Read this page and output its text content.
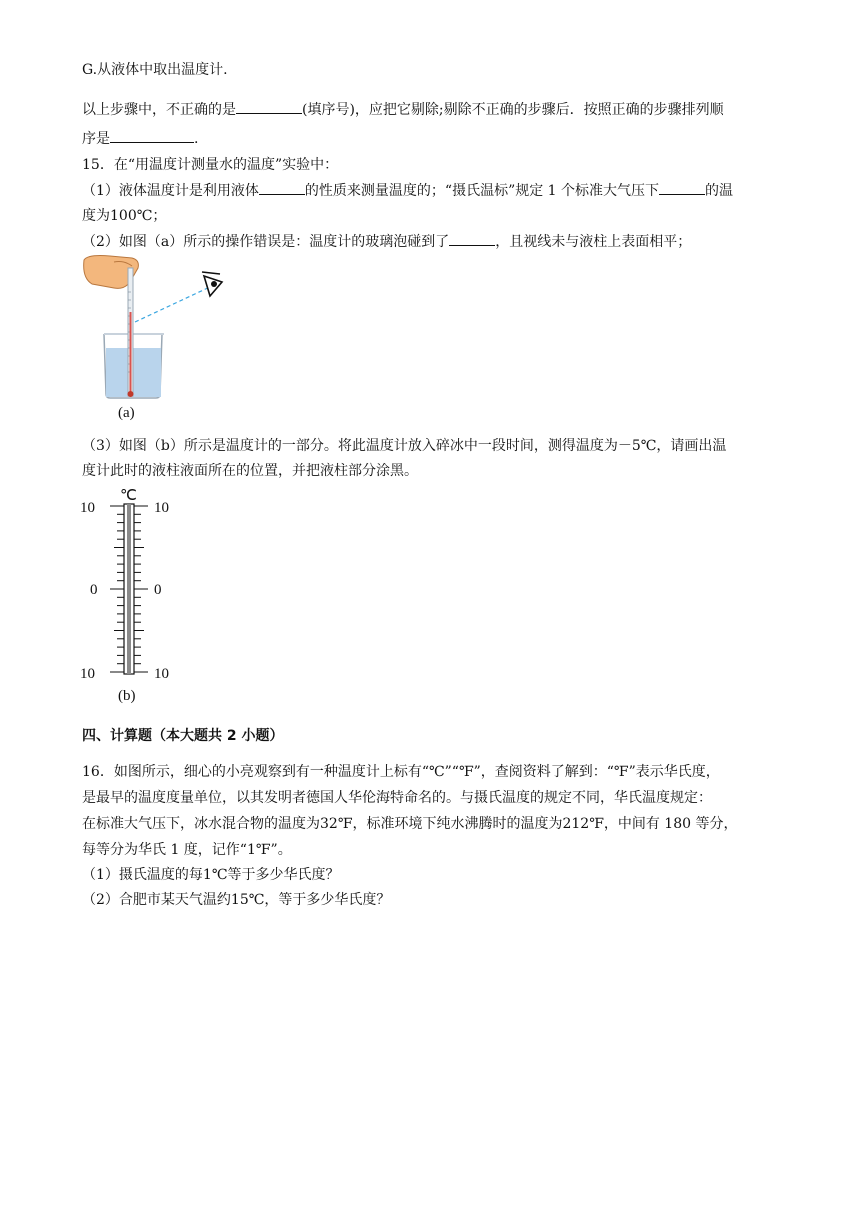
G.从液体中取出温度计.
以上步骤中，不正确的是	(填序号)，应把它剔除;剔除不正确的步骤后．按照正确的步骤排列顺
序是	.
15．在“用温度计测量水的温度”实验中：
（1）液体温度计是利用液体	的性质来测量温度的；“摄氏温标”规定 1 个标准大气压下	的温
度为100℃；
（2）如图（a）所示的操作错误是：温度计的玻璃泡碰到了	，且视线未与液柱上表面相平；
(a)
（3）如图（b）所示是温度计的一部分。将此温度计放入碎冰中一段时间，测得温度为－5℃，请画出温
度计此时的液柱液面所在的位置，并把液柱部分涂黑。
℃
10	10
0	0
10	10
(b)
四、计算题（本大题共 2 小题）
16．如图所示，细心的小亮观察到有一种温度计上标有“℃”“℉”，查阅资料了解到：“℉”表示华氏度，
是最早的温度度量单位，以其发明者德国人华伦海特命名的。与摄氏温度的规定不同，华氏温度规定：
在标准大气压下，冰水混合物的温度为32℉，标准环境下纯水沸腾时的温度为212℉，中间有 180 等分，
每等分为华氏 1 度，记作“1℉”。
（1）摄氏温度的每1℃等于多少华氏度？
（2）合肥市某天气温约15℃，等于多少华氏度？
